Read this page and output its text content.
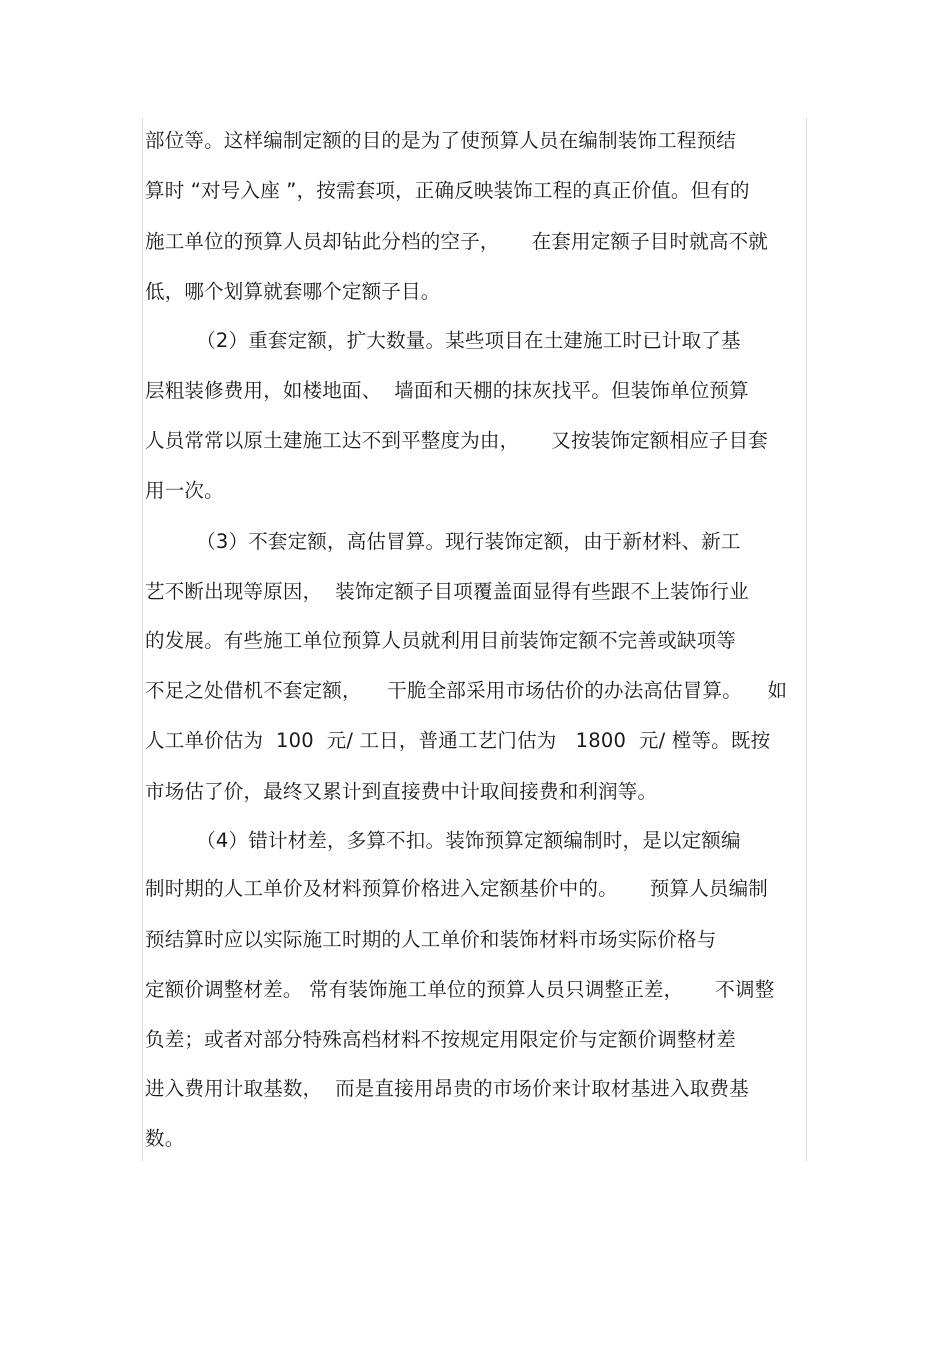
部位等。这样编制定额的目的是为了使预算人员在编制装饰工程预结
算时 “对号入座 ”，按需套项，正确反映装饰工程的真正价值。但有的
施工单位的预算人员却钻此分档的空子，     在套用定额子目时就高不就
低，哪个划算就套哪个定额子目。
（2）重套定额，扩大数量。某些项目在土建施工时已计取了基
层粗装修费用，如楼地面、  墙面和天棚的抹灰找平。但装饰单位预算
人员常常以原土建施工达不到平整度为由，     又按装饰定额相应子目套
用一次。
（3）不套定额，高估冒算。现行装饰定额，由于新材料、新工
艺不断出现等原因，  装饰定额子目项覆盖面显得有些跟不上装饰行业
的发展。有些施工单位预算人员就利用目前装饰定额不完善或缺项等
不足之处借机不套定额，    干脆全部采用市场估价的办法高估冒算。    如
人工单价估为  100  元/ 工日，普通工艺门估为   1800  元/ 樘等。既按
市场估了价，最终又累计到直接费中计取间接费和利润等。
（4）错计材差，多算不扣。装饰预算定额编制时，是以定额编
制时期的人工单价及材料预算价格进入定额基价中的。     预算人员编制
预结算时应以实际施工时期的人工单价和装饰材料市场实际价格与
定额价调整材差。 常有装饰施工单位的预算人员只调整正差，     不调整
负差；或者对部分特殊高档材料不按规定用限定价与定额价调整材差
进入费用计取基数，  而是直接用昂贵的市场价来计取材基进入取费基
数。
